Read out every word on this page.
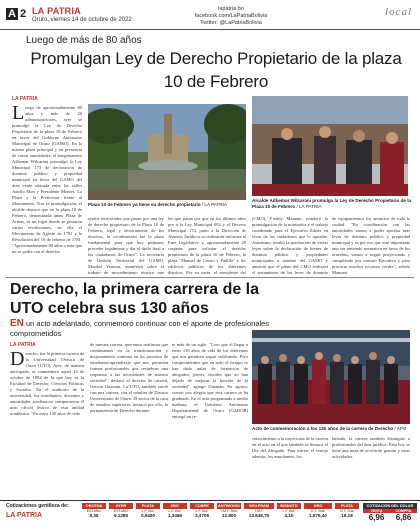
A 2 LA PATRIA
Oruro, viernes 14 de octubre de 2022
lapatria.bo
facebook.com/LaPatriaBolivia
Twitter: @LaPatriaBolivia
local
Luego de más de 80 años
Promulgan Ley de Derecho Propietario de la plaza 10 de Febrero
LA PATRIA
L uego de aproximadamente 80 años y más de 20 administraciones, ayer se promulgó la Ley de Derecho Propietario de la plaza 10 de Febrero en favor del Gobierno Autónomo Municipal de Oruro (GAMO). En la misma plaza principal y en presencia de varias autoridades, el burgomaestre Adhemar Wilcarani promulgó la Ley Municipal 173 de declaración de dominio público y propiedad municipal en favor del GAMO del área verde ubicada entre las calles Adolfo Mier y Presidente Montes. La Plaza y la Prefectura frente al Monumento. Tras la promulgación, el alcalde destacó que en la plaza 10 de Febrero, denominada antes Plaza de Armas, es un lugar donde se gestaron varias revoluciones, en ella el Movimiento de Agosto de 1781 y la Revolución del 10 de febrero de 1781. "Aproximadamente 80 años o más que no se podía con el derecho
Plaza 10 de Febrero ya tiene su derecho propietario / LA PATRIA
Alcalde Adhemar Wilcarani promulga la Ley de Derecho Propietario de la Plaza 10 de Febrero / LA PATRIA
ejados territoriales que pasan por una ley de derecho propietario de la Plaza 10 de Febrero, legal y técnicamente de los técnicos, la coordinación fue la plaza fundamental para que hoy podamos proceder legalmente y dar el título final a los ciudadanos de Oruro". La secretaria de Gestión Territorial del GAMO, Maribel Ventura, manifestó sobre el trabajo de procedimiento técnico que
les que pasan por que en los últimos años por a la Ley Municipal 092 y el Decreto Municipal 174, junto a la Dirección de Asuntos Jurídicos se realizaron informes al Ente Legislativo y, aproximadamente 20 carpetas para solicitar el derecho propietario de la plaza 10 de Febrero, la plaza "Manuel de Castro y Padilla" y los edificios públicos de los diferentes distritos. Por su parte, el presidente del
(CMO), Freddy Mamani, ponderó la promulgación de la normativa y el trabajo coordinado para el Ejecutivo Ediles en favor de los ciudadanos que lo apruebe. Asimismo, resaltó la aprobación de varias leyes sobre la declaración de bienes de dominio público y propiedades municipales a nombre del GAMO y anunció que el pleno del CMO realizará el tratamiento de las leyes de dominio
de equipamientos los anuncios de toda la ciudad. "En coordinación con las autoridades vamos a poder aprobar más leyes de dominio público y propiedad municipal y es por eso que este importante uno ver teniendo normativa en favor de los orureños, vamos a seguir proyectando y cumpliendo por nuestro Ejecutivo y para procurar muchos recursos verdes", señaló Mamani.
Derecho, la primera carrera de la UTO celebra sus 130 años
EN un acto adelantado, conmemoró continuar con el aporte de profesionales comprometidos
LA PATRIA
D erecho, fue la primera carrera de la Universidad Técnica de Oruro (UTO). Ayer, de manera anticipada, se conmemoró aquel 13 de octubre de 1892 de la que hoy es la Facultad de Derecho, Ciencias Políticas y Sociales. En el auditorio de la universidad, los estudiantes, docentes y autoridades académicas compartieron el acto oficial festivo de esta unidad académica. "En estos 130 años de vida
de nuestra carrera, queremos reafirmar que continuamos en la transformación y mejoramiento continuo en los procesos de enseñanza-aprendizaje que nos permiten formar profesionales que resuelvan una respuesta a las necesidades de nuestra sociedad", destacó el director de carrera, Gerson Guzmán. La UTO, también nació con una carrera, con el nombre de Distrito Universitario de Oruro. El sector de la casa de estudios superiores, destacó por ello, la permanencia de Derecho durante
te más de un siglo. "Creo que el llegar a tener 130 años de vida de los diferentes que nos permiten seguir cultivando. Pero comprometidos que en todo el tiempo se han dado aulas de formación de abogados, jueces, fiscales que no han dejado de mejorar la función de la sociedad", agregó Guzmán. En agosto, vieron con alegría que esta carrera se ha graduado. En el acto programado a medio mañana, el Gobierno Autónomo Departamental de Oruro (GADOR) entregó un re-
Acto de conmemoración a los 130 años de la carrera de Derecho / APG
conocimiento a la trayectoria de la carrera en el acto en el que también se destacó el Día del Abogado. Para iniciar el festejo además, los estudiantes, los
lantado, la carrera también distinguió a profesionales del área jurídica. Para hoy se tiene una misa de acción de gracias y otras actividades.
Cotizaciones gentileza de:
LA PATRIA
ONCENA
ESTAÑO
8,35
AYER
ESTAÑO
9,1285
PLATA
L.F. Bol.
0,9400
ZINC
L.F. Bol.
1,3466
COBRE
L.F. Bol.
3,4709
ANTIMONIO
T.M.F. Sus.
12.800
WOLFRAM
T.M.F.
13.648,75
BISMUTO
L.F. Bol.
4,10
ORO
O.T. Sus.
1.676,40
PLATA
O.T. Sus.
19,18
COTIZACIÓN DEL DÓLAR
VENTA	COMPRA
6,96	6,86
